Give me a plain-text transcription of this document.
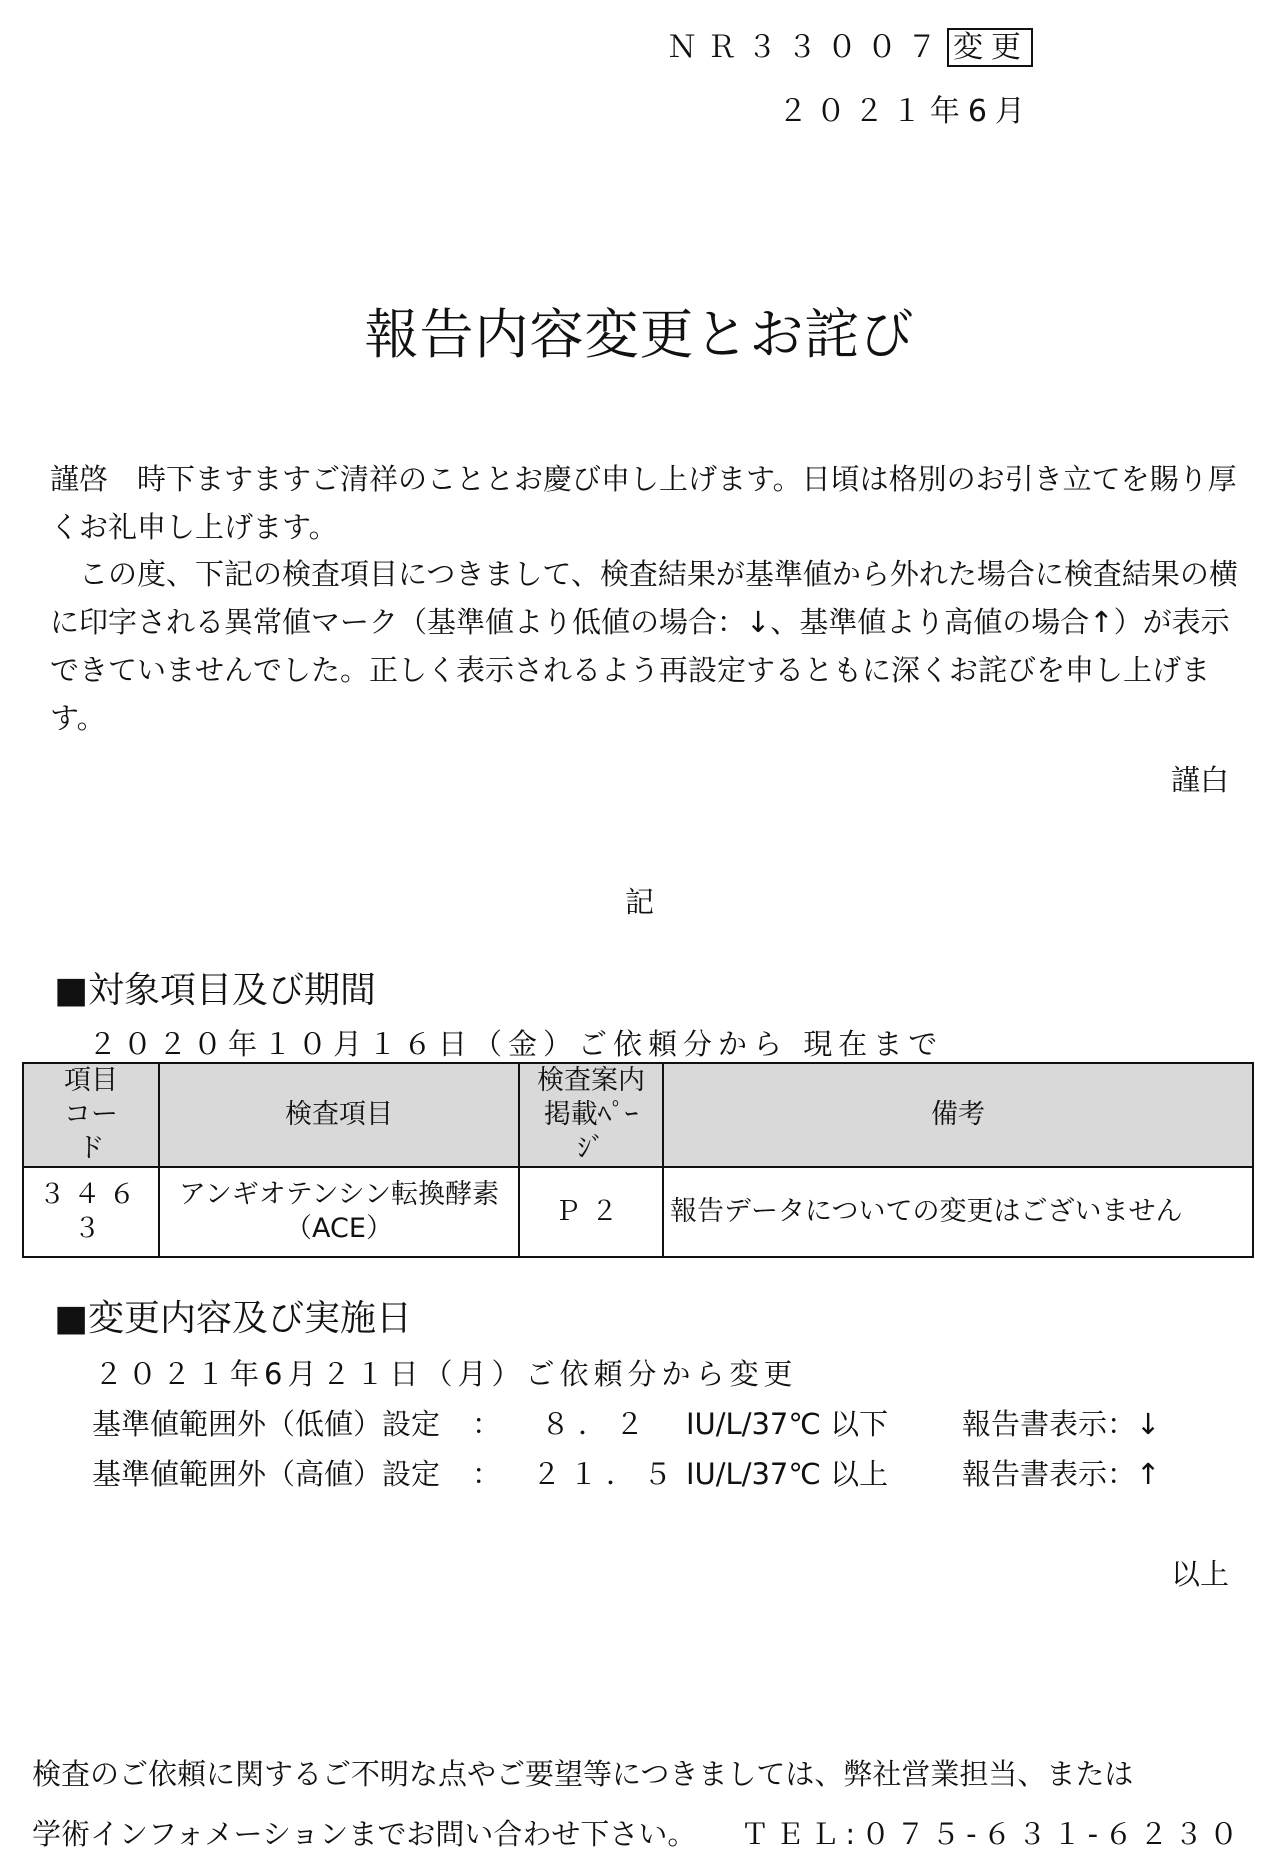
ＮＲ３３００７ 変更
２０２１年6月
報告内容変更とお詫び
謹啓　時下ますますご清祥のこととお慶び申し上げます。日頃は格別のお引き立てを賜り厚くお礼申し上げます。
　この度、下記の検査項目につきまして、検査結果が基準値から外れた場合に検査結果の横に印字される異常値マーク（基準値より低値の場合：↓、基準値より高値の場合↑）が表示できていませんでした。正しく表示されるよう再設定するともに深くお詫びを申し上げます。
謹白
記
■対象項目及び期間
２０２０年１０月１６日（金）ご依頼分から 現在まで
項目コード	検査項目	検査案内掲載ﾍﾟｰｼﾞ	備考
３４６３	アンギオテンシン転換酵素（ACE）	Ｐ２	報告データについての変更はございません
■変更内容及び実施日
２０２１年6月２１日（月）ご依頼分から変更
基準値範囲外（低値）設定 ： ８．２ IU/L/37℃ 以下	報告書表示：↓
基準値範囲外（高値）設定 ： ２１．５ IU/L/37℃ 以上	報告書表示：↑
以上
検査のご依頼に関するご不明な点やご要望等につきましては、弊社営業担当、または
学術インフォメーションまでお問い合わせ下さい。 ＴＥＬ:０７５-６３１-６２３０
